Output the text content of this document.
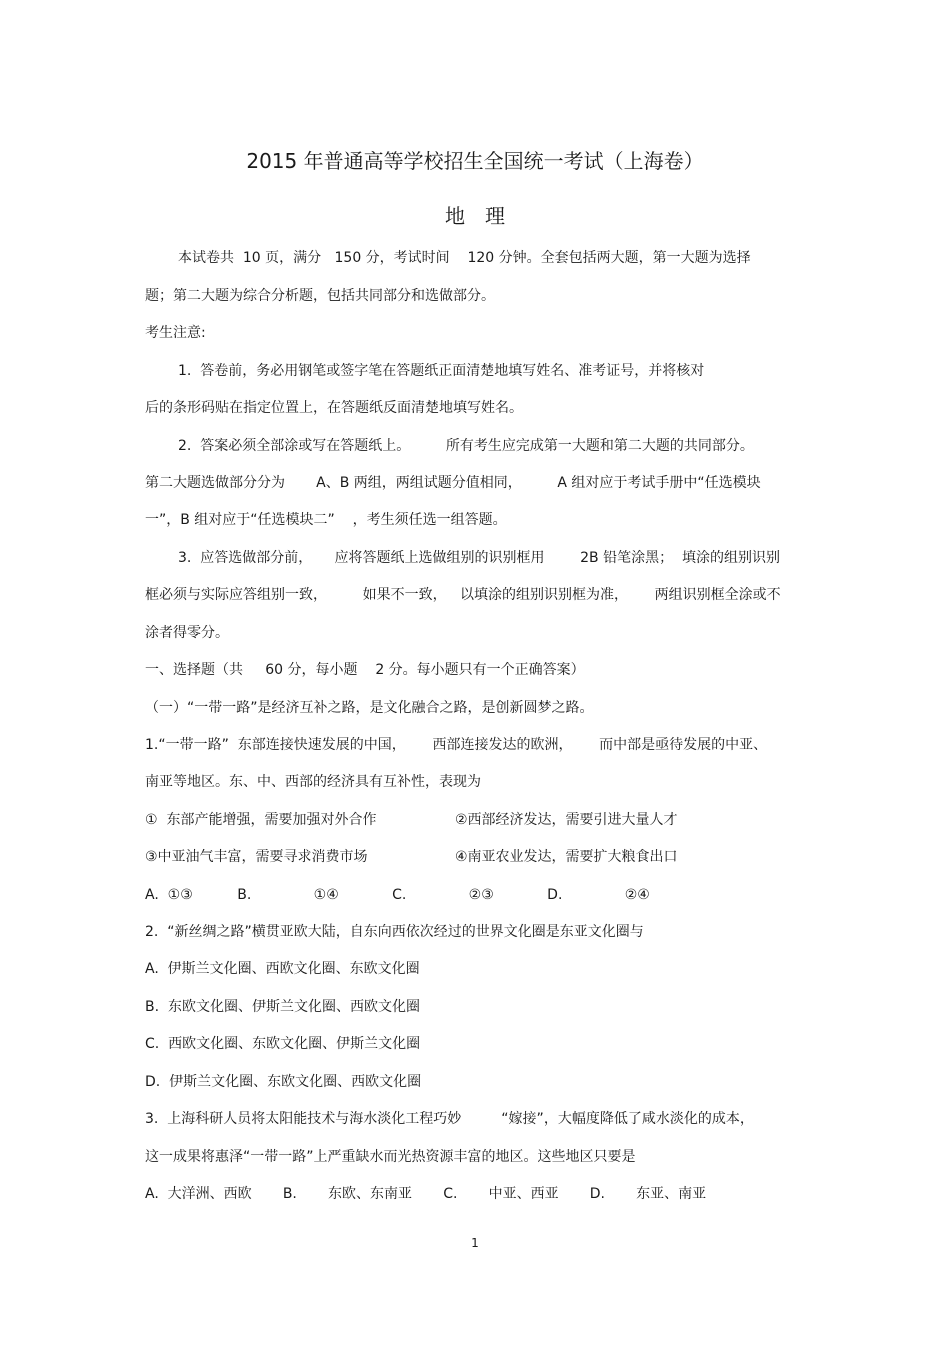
2015 年普通高等学校招生全国统一考试（上海卷）
地理
本试卷共  10 页，满分   150 分，考试时间    120 分钟。全套包括两大题，第一大题为选择
题；第二大题为综合分析题，包括共同部分和选做部分。
考生注意:
1.  答卷前，务必用钢笔或签字笔在答题纸正面清楚地填写姓名、准考证号，并将核对
后的条形码贴在指定位置上，在答题纸反面清楚地填写姓名。
2.  答案必须全部涂或写在答题纸上。        所有考生应完成第一大题和第二大题的共同部分。
第二大题选做部分分为       A、B 两组，两组试题分值相同，        A 组对应于考试手册中“任选模块
一”，B 组对应于“任选模块二”    ，考生须任选一组答题。
3.  应答选做部分前，     应将答题纸上选做组别的识别框用        2B 铅笔涂黑；  填涂的组别识别
框必须与实际应答组别一致，        如果不一致，   以填涂的组别识别框为准，      两组识别框全涂或不
涂者得零分。
一、选择题（共     60 分，每小题    2 分。每小题只有一个正确答案）
（一）“一带一路”是经济互补之路，是文化融合之路，是创新圆梦之路。
1.“一带一路”  东部连接快速发展的中国，      西部连接发达的欧洲，      而中部是亟待发展的中亚、
南亚等地区。东、中、西部的经济具有互补性，表现为
①  东部产能增强，需要加强对外合作	②西部经济发达，需要引进大量人才
③中亚油气丰富，需要寻求消费市场	④南亚农业发达，需要扩大粮食出口
A.  ①③          B.              ①④            C.              ②③            D.              ②④
2.  “新丝绸之路”横贯亚欧大陆，自东向西依次经过的世界文化圈是东亚文化圈与
A.  伊斯兰文化圈、西欧文化圈、东欧文化圈
B.  东欧文化圈、伊斯兰文化圈、西欧文化圈
C.  西欧文化圈、东欧文化圈、伊斯兰文化圈
D.  伊斯兰文化圈、东欧文化圈、西欧文化圈
3.  上海科研人员将太阳能技术与海水淡化工程巧妙         “嫁接”，大幅度降低了咸水淡化的成本，
这一成果将惠泽“一带一路”上严重缺水而光热资源丰富的地区。这些地区只要是
A.  大洋洲、西欧       B.       东欧、东南亚       C.       中亚、西亚       D.       东亚、南亚
1
